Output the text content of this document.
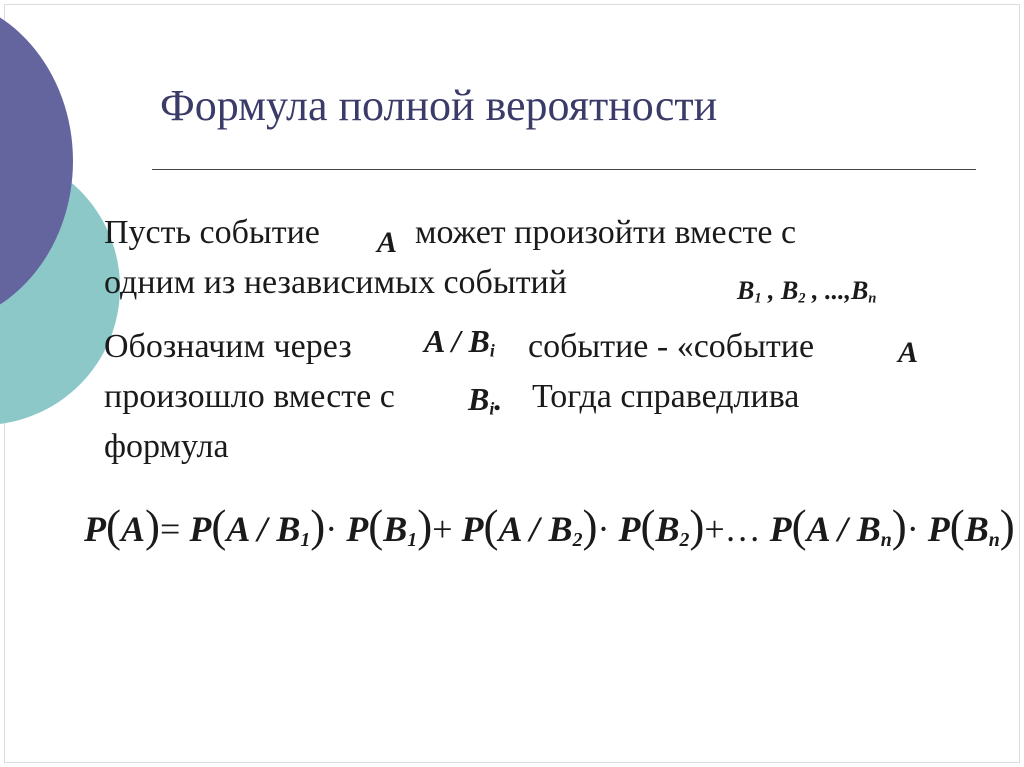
Формула полной вероятности
Пусть событие A может произойти вместе с
одним из независимых событий	$B_1$ , $B_2$ , $...,B_n$
Обозначим через A / $B_i$ событие - «событие	A
произошло вместе с $B_i$. Тогда справедлива
формула
$P(A)= P(A / B_1)\cdot P(B_1)+ P(A / B_2)\cdot$ $P(B_2)+\dots$ $P(A / B_n)\cdot P(B_n)$
